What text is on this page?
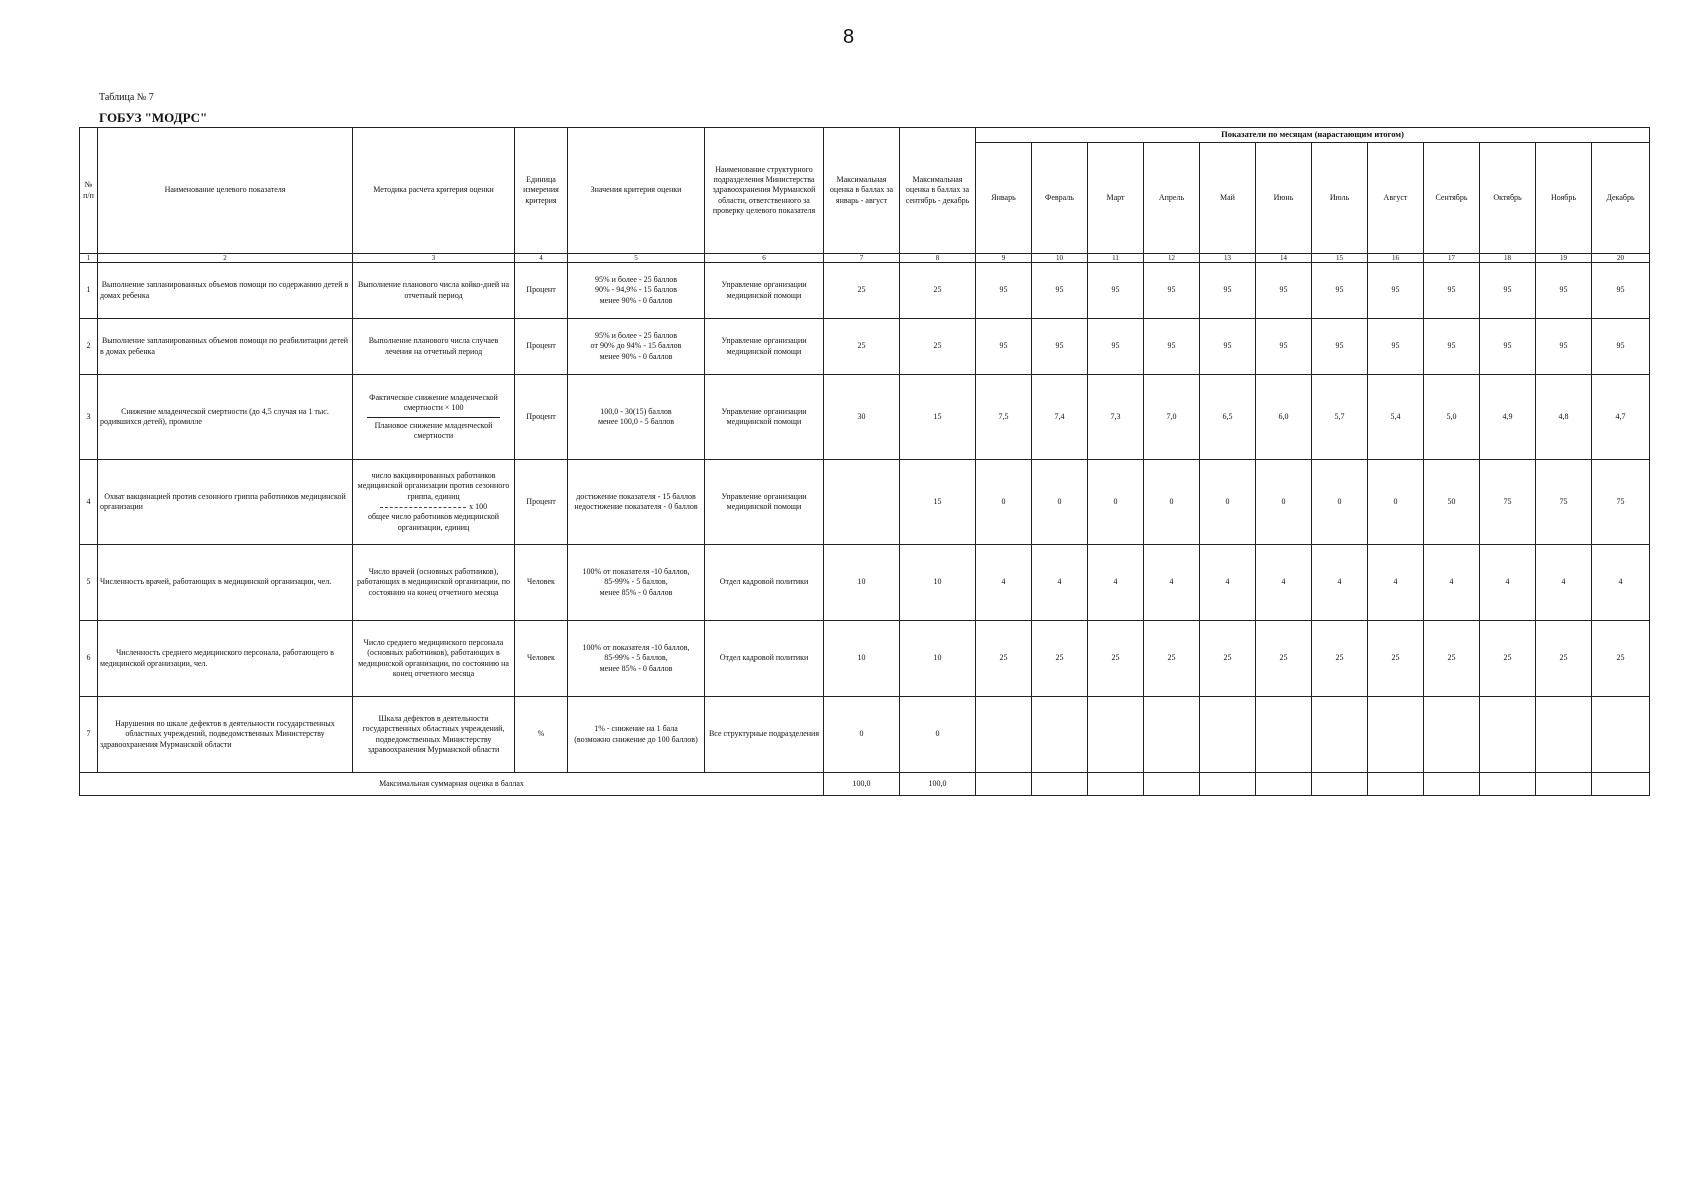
8
Таблица № 7
ГОБУЗ "МОДРС"
№ п/п	Наименование целевого показателя	Методика расчета критерия оценки	Единица измерения критерия	Значения критерия оценки	Наименование структурного подразделения Министерства здравоохранения Мурманской области, ответственного за проверку целевого показателя	Максимальная оценка в баллах за январь - август	Максимальная оценка в баллах за сентябрь - декабрь	Показатели по месяцам (нарастающим итогом)											
								Январь	Февраль	Март	Апрель	Май	Июнь	Июль	Август	Сентябрь	Октябрь	Ноябрь	Декабрь
1	2	3	4	5	6	7	8	9	10	11	12	13	14	15	16	17	18	19	20
1	Выполнение запланированных объемов помощи по содержанию детей в домах ребенка	Выполнение планового числа койко-дней на отчетный период	Процент	95% и более - 25 баллов
90% - 94,9% - 15 баллов
менее 90% - 0 баллов	Управление организации медицинской помощи	25	25	95	95	95	95	95	95	95	95	95	95	95	95
2	Выполнение запланированных объемов помощи по реабилитации детей в домах ребенка	Выполнение планового числа случаев лечения на отчетный период	Процент	95% и более - 25 баллов
от 90% до 94% - 15 баллов
менее 90% - 0 баллов	Управление организации медицинской помощи	25	25	95	95	95	95	95	95	95	95	95	95	95	95
3	Снижение младенческой смертности (до 4,5 случая на 1 тыс. родившихся детей), промилле	Фактическое снижение младенческой смертности × 100
Плановое снижение младенческой смертности	Процент	100,0 - 30(15) баллов
менее 100,0 - 5 баллов	Управление организации медицинской помощи	30	15	7,5	7,4	7,3	7,0	6,5	6,0	5,7	5,4	5,0	4,9	4,8	4,7
4	Охват вакцинацией против сезонного гриппа работников медицинской организации	число вакцинированных работников медицинской организации против сезонного гриппа, единиц
х 100
общее число работников медицинской организации, единиц	Процент	достижение показателя - 15 баллов
недостижение показателя - 0 баллов	Управление организации медицинской помощи		15	0	0	0	0	0	0	0	0	50	75	75	75
5	Численность врачей, работающих в медицинской организации, чел.	Число врачей (основных работников), работающих в медицинской организации, по состоянию на конец отчетного месяца	Человек	100% от показателя -10 баллов,
85-99% - 5 баллов,
менее 85% - 0 баллов	Отдел кадровой политики	10	10	4	4	4	4	4	4	4	4	4	4	4	4
6	Численность среднего медицинского персонала, работающего в медицинской организации, чел.	Число среднего медицинского персонала (основных работников), работающих в медицинской организации, по состоянию на конец отчетного месяца	Человек	100% от показателя -10 баллов,
85-99% - 5 баллов,
менее 85% - 0 баллов	Отдел кадровой политики	10	10	25	25	25	25	25	25	25	25	25	25	25	25
7	Нарушения по шкале дефектов в деятельности государственных областных учреждений, подведомственных Министерству здравоохранения Мурманской области	Шкала дефектов в деятельности государственных областных учреждений, подведомственных Министерству здравоохранения Мурманской области	%	1% - снижение на 1 бала
(возможно снижение до 100 баллов)	Все структурные подразделения	0	0												
Максимальная суммарная оценка в баллах						100,0	100,0												
